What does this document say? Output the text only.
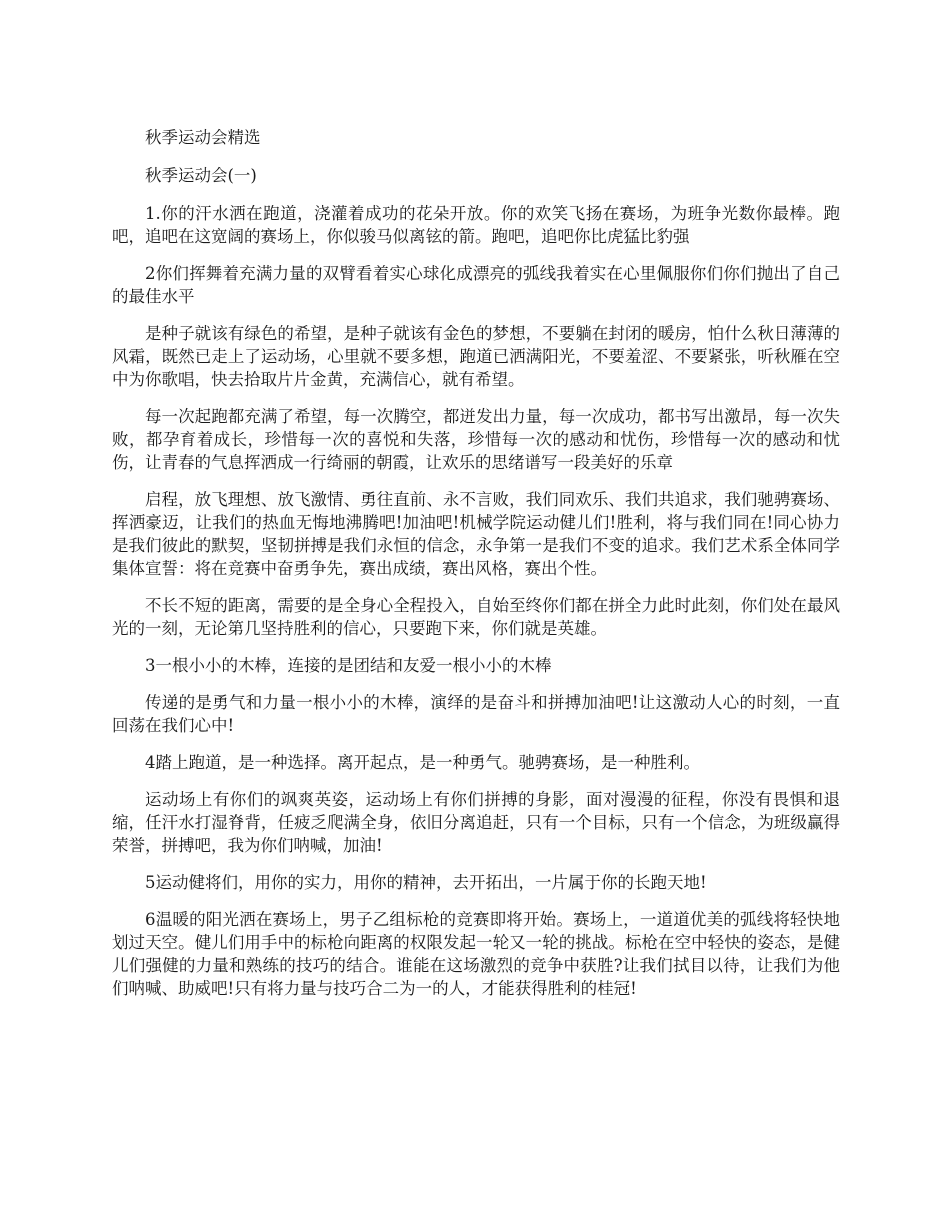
秋季运动会精选

秋季运动会(一)

1.你的汗水洒在跑道，浇灌着成功的花朵开放。你的欢笑飞扬在赛场，为班争光数你最棒。跑吧，追吧在这宽阔的赛场上，你似骏马似离铉的箭。跑吧，追吧你比虎猛比豹强

2你们挥舞着充满力量的双臂看着实心球化成漂亮的弧线我着实在心里佩服你们你们抛出了自己的最佳水平

是种子就该有绿色的希望，是种子就该有金色的梦想，不要躺在封闭的暖房，怕什么秋日薄薄的风霜，既然已走上了运动场，心里就不要多想，跑道已洒满阳光，不要羞涩、不要紧张，听秋雁在空中为你歌唱，快去拾取片片金黄，充满信心，就有希望。

每一次起跑都充满了希望，每一次腾空，都迸发出力量，每一次成功，都书写出激昂，每一次失败，都孕育着成长，珍惜每一次的喜悦和失落，珍惜每一次的感动和忧伤，珍惜每一次的感动和忧伤，让青春的气息挥洒成一行绮丽的朝霞，让欢乐的思绪谱写一段美好的乐章

启程，放飞理想、放飞激情、勇往直前、永不言败，我们同欢乐、我们共追求，我们驰骋赛场、挥洒豪迈，让我们的热血无悔地沸腾吧!加油吧!机械学院运动健儿们!胜利，将与我们同在!同心协力是我们彼此的默契，坚韧拼搏是我们永恒的信念，永争第一是我们不变的追求。我们艺术系全体同学集体宣誓：将在竞赛中奋勇争先，赛出成绩，赛出风格，赛出个性。

不长不短的距离，需要的是全身心全程投入，自始至终你们都在拼全力此时此刻，你们处在最风光的一刻，无论第几坚持胜利的信心，只要跑下来，你们就是英雄。

3一根小小的木棒，连接的是团结和友爱一根小小的木棒

传递的是勇气和力量一根小小的木棒，演绎的是奋斗和拼搏加油吧!让这激动人心的时刻，一直回荡在我们心中!

4踏上跑道，是一种选择。离开起点，是一种勇气。驰骋赛场，是一种胜利。

运动场上有你们的飒爽英姿，运动场上有你们拼搏的身影，面对漫漫的征程，你没有畏惧和退缩，任汗水打湿脊背，任疲乏爬满全身，依旧分离追赶，只有一个目标，只有一个信念，为班级赢得荣誉，拼搏吧，我为你们呐喊，加油!

5运动健将们，用你的实力，用你的精神，去开拓出，一片属于你的长跑天地!

6温暖的阳光洒在赛场上，男子乙组标枪的竞赛即将开始。赛场上，一道道优美的弧线将轻快地划过天空。健儿们用手中的标枪向距离的权限发起一轮又一轮的挑战。标枪在空中轻快的姿态，是健儿们强健的力量和熟练的技巧的结合。谁能在这场激烈的竞争中获胜?让我们拭目以待，让我们为他们呐喊、助威吧!只有将力量与技巧合二为一的人，才能获得胜利的桂冠!
